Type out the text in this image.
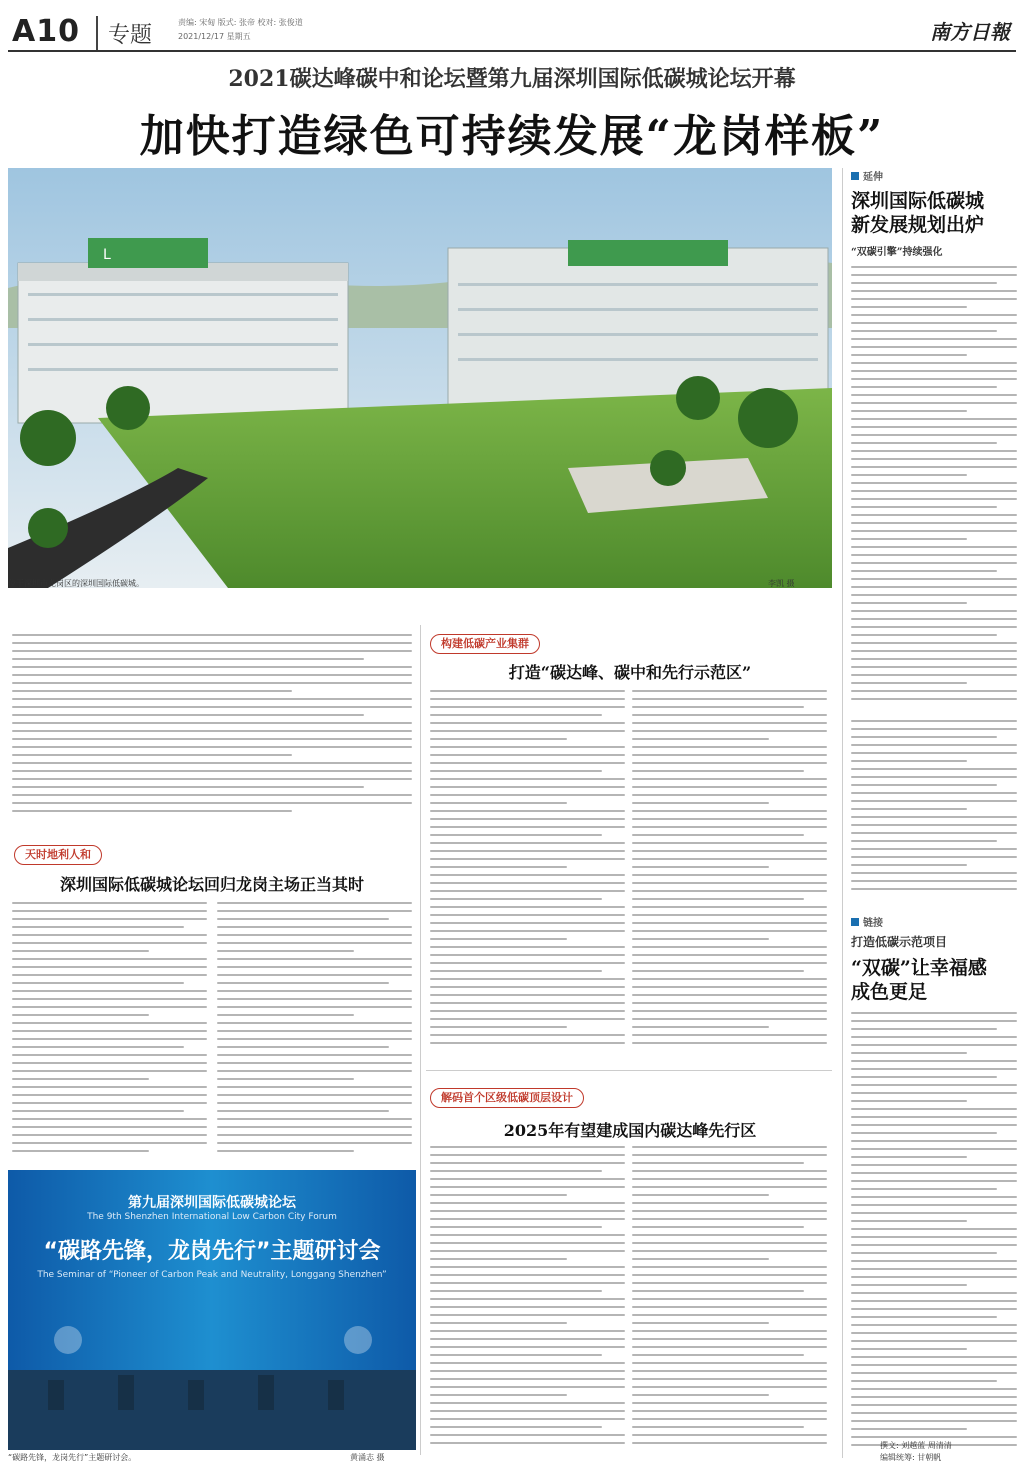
A10 专题
责编: 宋甸 版式: 张帝 校对: 张俊道
2021/12/17 星期五	南方日報
2021碳达峰碳中和论坛暨第九届深圳国际低碳城论坛开幕
加快打造绿色可持续发展“龙岗样板”
L
位于深圳市龙岗区的深圳国际低碳城。	李凯 摄
延伸
深圳国际低碳城
新发展规划出炉
“双碳引擎”持续强化
链接
打造低碳示范项目
“双碳”让幸福感
成色更足
天时地利人和
深圳国际低碳城论坛回归龙岗主场正当其时
构建低碳产业集群
打造“碳达峰、碳中和先行示范区”
解码首个区级低碳顶层设计
2025年有望建成国内碳达峰先行区
第九届深圳国际低碳城论坛
The 9th Shenzhen International Low Carbon City Forum
“碳路先锋，龙岗先行”主题研讨会
The Seminar of “Pioneer of Carbon Peak and Neutrality, Longgang Shenzhen”
“碳路先锋，龙岗先行”主题研讨会。	黄涌志 摄
撰文: 刘越蓝 周清清
编辑统筹: 甘朝帆
